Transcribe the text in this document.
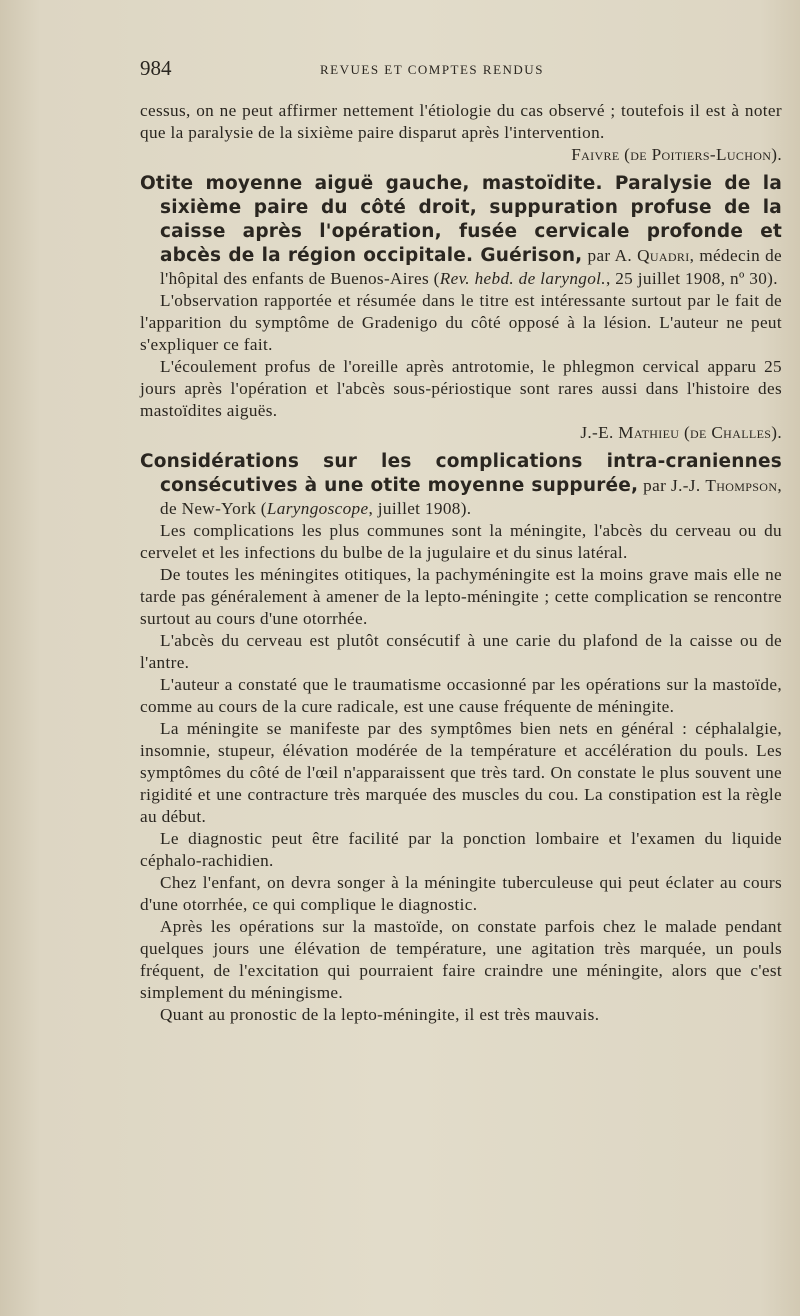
984	REVUES ET COMPTES RENDUS

cessus, on ne peut affirmer nettement l'étiologie du cas observé ; toutefois il est à noter que la paralysie de la sixième paire disparut après l'intervention.

Faivre (de Poitiers-Luchon).

Otite moyenne aiguë gauche, mastoïdite. Paralysie de la sixième paire du côté droit, suppuration profuse de la caisse après l'opération, fusée cervicale profonde et abcès de la région occipitale. Guérison, par A. Quadri, médecin de l'hôpital des enfants de Buenos-Aires (Rev. hebd. de laryngol., 25 juillet 1908, nº 30).

L'observation rapportée et résumée dans le titre est intéressante surtout par le fait de l'apparition du symptôme de Gradenigo du côté opposé à la lésion. L'auteur ne peut s'expliquer ce fait.

L'écoulement profus de l'oreille après antrotomie, le phlegmon cervical apparu 25 jours après l'opération et l'abcès sous-périostique sont rares aussi dans l'histoire des mastoïdites aiguës.

J.-E. Mathieu (de Challes).

Considérations sur les complications intra-craniennes consécutives à une otite moyenne suppurée, par J.-J. Thompson, de New-York (Laryngoscope, juillet 1908).

Les complications les plus communes sont la méningite, l'abcès du cerveau ou du cervelet et les infections du bulbe de la jugulaire et du sinus latéral.

De toutes les méningites otitiques, la pachyméningite est la moins grave mais elle ne tarde pas généralement à amener de la lepto-méningite ; cette complication se rencontre surtout au cours d'une otorrhée.

L'abcès du cerveau est plutôt consécutif à une carie du plafond de la caisse ou de l'antre.

L'auteur a constaté que le traumatisme occasionné par les opérations sur la mastoïde, comme au cours de la cure radicale, est une cause fréquente de méningite.

La méningite se manifeste par des symptômes bien nets en général : céphalalgie, insomnie, stupeur, élévation modérée de la température et accélération du pouls. Les symptômes du côté de l'œil n'apparaissent que très tard. On constate le plus souvent une rigidité et une contracture très marquée des muscles du cou. La constipation est la règle au début.

Le diagnostic peut être facilité par la ponction lombaire et l'examen du liquide céphalo-rachidien.

Chez l'enfant, on devra songer à la méningite tuberculeuse qui peut éclater au cours d'une otorrhée, ce qui complique le diagnostic.

Après les opérations sur la mastoïde, on constate parfois chez le malade pendant quelques jours une élévation de température, une agitation très marquée, un pouls fréquent, de l'excitation qui pourraient faire craindre une méningite, alors que c'est simplement du méningisme.

Quant au pronostic de la lepto-méningite, il est très mauvais.
